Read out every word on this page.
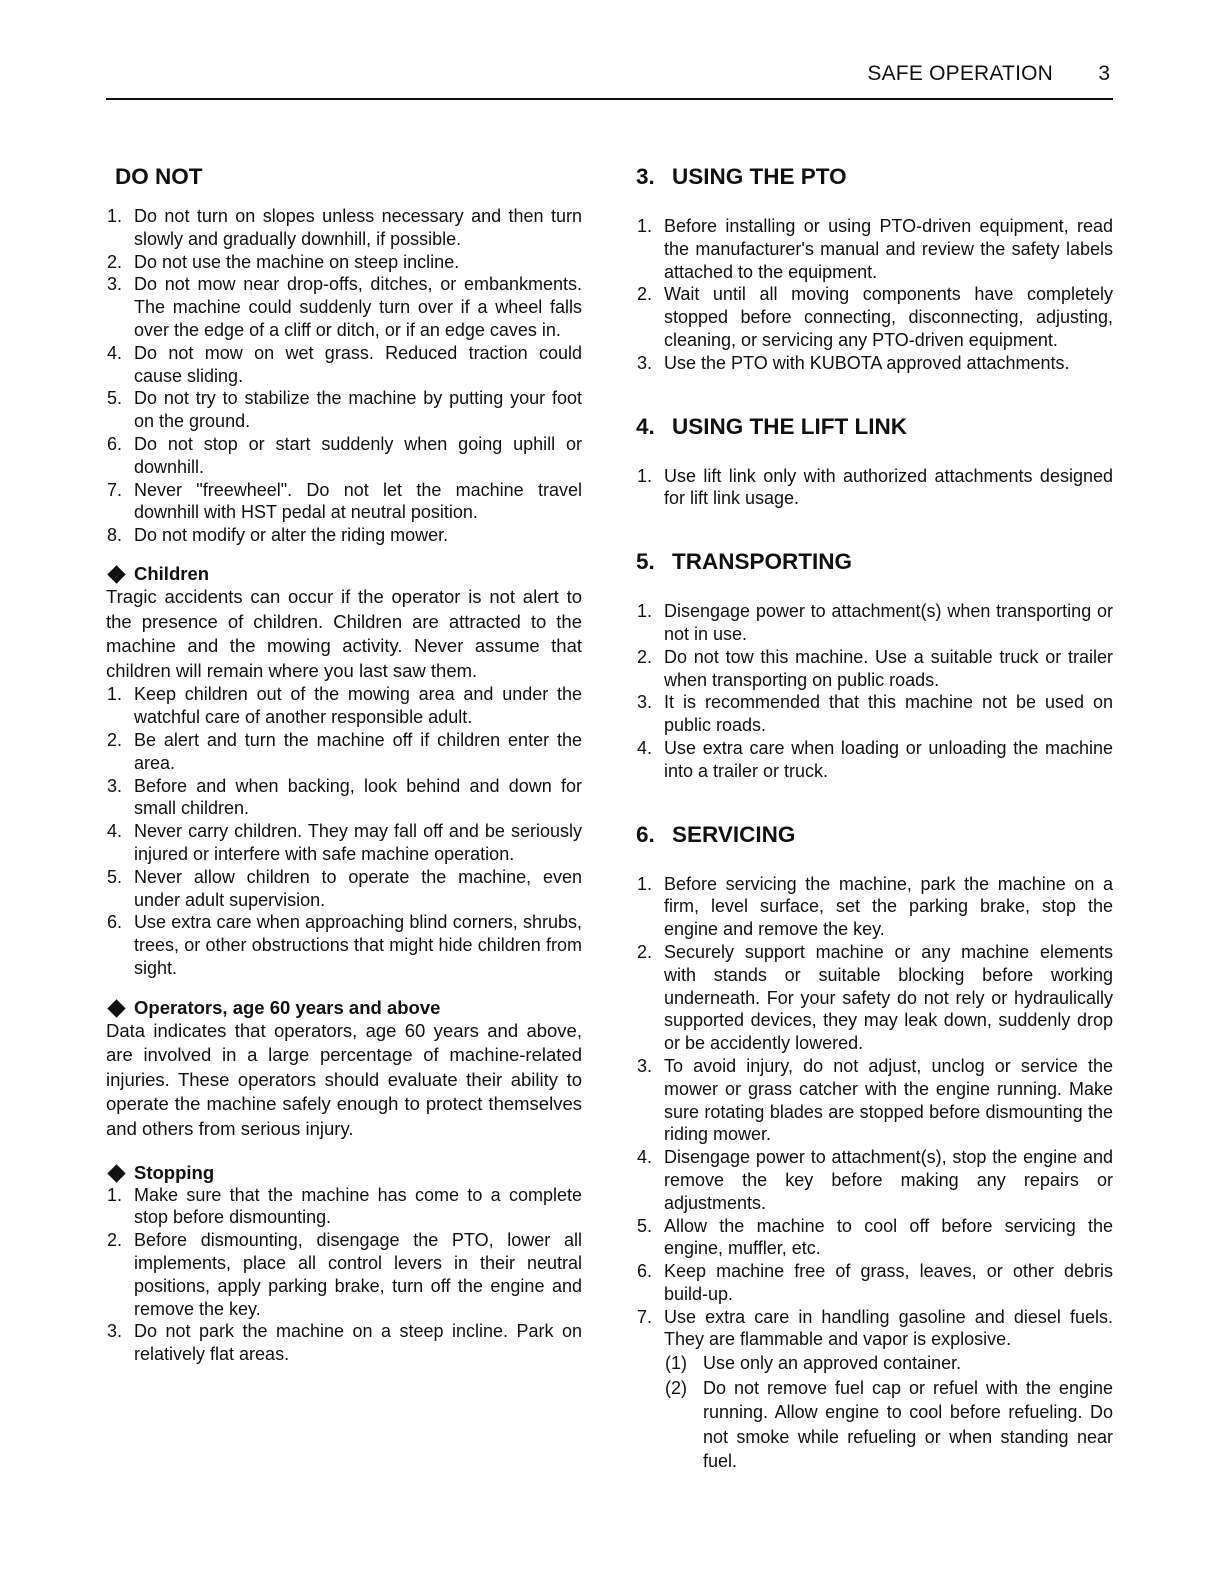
SAFE OPERATION 3
DO NOT
1. Do not turn on slopes unless necessary and then turn slowly and gradually downhill, if possible.
2. Do not use the machine on steep incline.
3. Do not mow near drop-offs, ditches, or embankments. The machine could suddenly turn over if a wheel falls over the edge of a cliff or ditch, or if an edge caves in.
4. Do not mow on wet grass. Reduced traction could cause sliding.
5. Do not try to stabilize the machine by putting your foot on the ground.
6. Do not stop or start suddenly when going uphill or downhill.
7. Never "freewheel". Do not let the machine travel downhill with HST pedal at neutral position.
8. Do not modify or alter the riding mower.
Children

Tragic accidents can occur if the operator is not alert to the presence of children. Children are attracted to the machine and the mowing activity. Never assume that children will remain where you last saw them.

1. Keep children out of the mowing area and under the watchful care of another responsible adult.
2. Be alert and turn the machine off if children enter the area.
3. Before and when backing, look behind and down for small children.
4. Never carry children. They may fall off and be seriously injured or interfere with safe machine operation.
5. Never allow children to operate the machine, even under adult supervision.
6. Use extra care when approaching blind corners, shrubs, trees, or other obstructions that might hide children from sight.
Operators, age 60 years and above

Data indicates that operators, age 60 years and above, are involved in a large percentage of machine-related injuries. These operators should evaluate their ability to operate the machine safely enough to protect themselves and others from serious injury.

Stopping
1. Make sure that the machine has come to a complete stop before dismounting.
2. Before dismounting, disengage the PTO, lower all implements, place all control levers in their neutral positions, apply parking brake, turn off the engine and remove the key.
3. Do not park the machine on a steep incline. Park on relatively flat areas.
3. USING THE PTO
1. Before installing or using PTO-driven equipment, read the manufacturer's manual and review the safety labels attached to the equipment.
2. Wait until all moving components have completely stopped before connecting, disconnecting, adjusting, cleaning, or servicing any PTO-driven equipment.
3. Use the PTO with KUBOTA approved attachments.
4. USING THE LIFT LINK
1. Use lift link only with authorized attachments designed for lift link usage.
5. TRANSPORTING
1. Disengage power to attachment(s) when transporting or not in use.
2. Do not tow this machine. Use a suitable truck or trailer when transporting on public roads.
3. It is recommended that this machine not be used on public roads.
4. Use extra care when loading or unloading the machine into a trailer or truck.
6. SERVICING
1. Before servicing the machine, park the machine on a firm, level surface, set the parking brake, stop the engine and remove the key.
2. Securely support machine or any machine elements with stands or suitable blocking before working underneath. For your safety do not rely or hydraulically supported devices, they may leak down, suddenly drop or be accidently lowered.
3. To avoid injury, do not adjust, unclog or service the mower or grass catcher with the engine running. Make sure rotating blades are stopped before dismounting the riding mower.
4. Disengage power to attachment(s), stop the engine and remove the key before making any repairs or adjustments.
5. Allow the machine to cool off before servicing the engine, muffler, etc.
6. Keep machine free of grass, leaves, or other debris build-up.
7. Use extra care in handling gasoline and diesel fuels. They are flammable and vapor is explosive.
(1) Use only an approved container.
(2) Do not remove fuel cap or refuel with the engine running. Allow engine to cool before refueling. Do not smoke while refueling or when standing near fuel.
